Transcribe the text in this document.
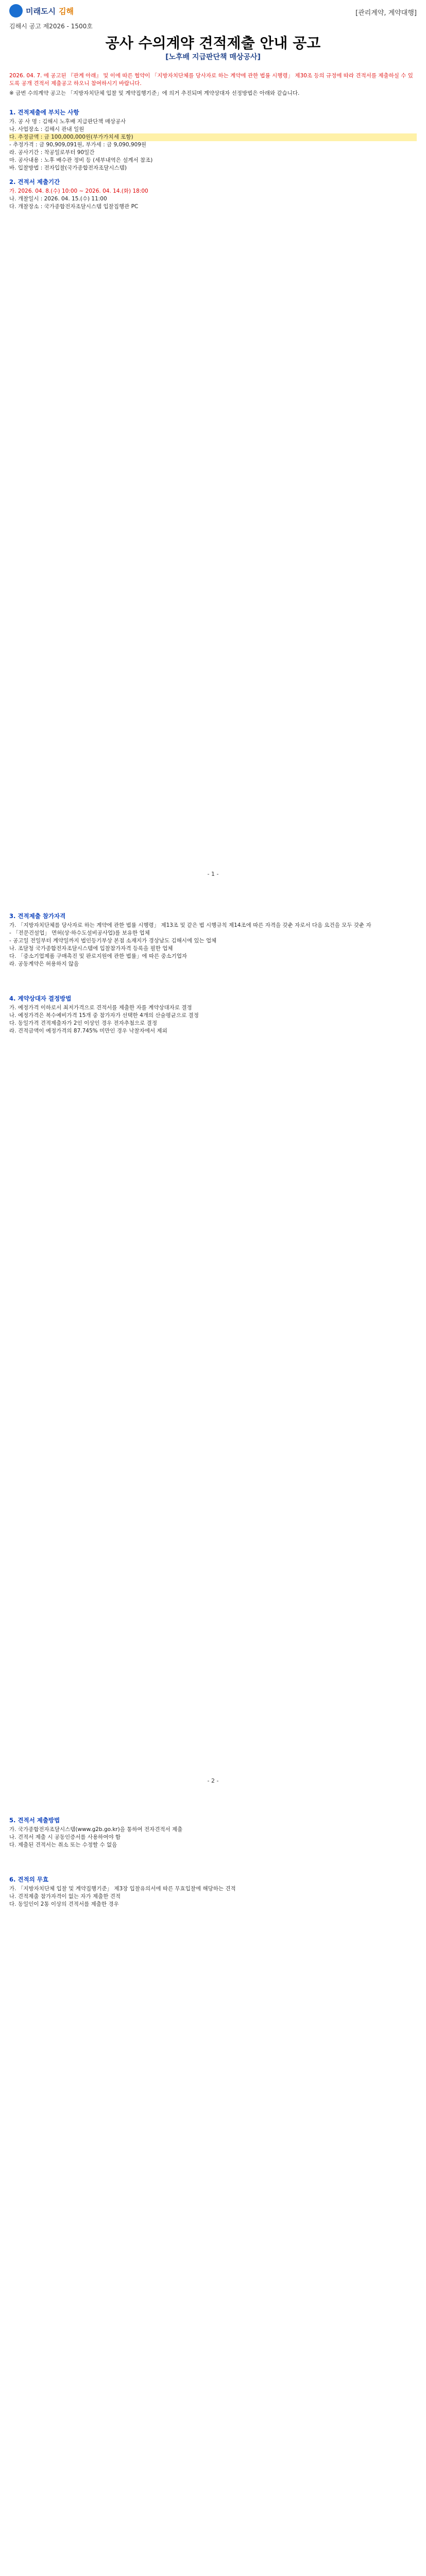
미래도시 김해	[관리계약, 계약대행]
김해시 공고 제2026 - 1500호
공사 수의계약 견적제출 안내 공고
[노후배 지급판단책 매상공사]

2026. 04. 7. 에 공고된 『관계 아래』 및 이에 따른 협약이 「지방자치단체를 당사자로 하는 계약에 관한 법률 시행령」 제30조 등의 규정에 따라 견적서를 제출하실 수 있도록 공개 견적서 제출공고 하오니 참여하시기 바랍니다.

※ 금번 수의계약 공고는 「지방자치단체 입찰 및 계약집행기준」에 의거 추진되며 계약상대자 선정방법은 아래와 같습니다.

1. 견적제출에 부치는 사항

가. 공 사 명 : 김해시 노후배 지급판단책 매상공사

나. 사업장소 : 김해시 관내 일원

다. 추정금액 : 금 100,000,000원(부가가치세 포함)

- 추정가격 : 금 90,909,091원, 부가세 : 금 9,090,909원

라. 공사기간 : 착공일로부터 90일간

마. 공사내용 : 노후 배수관 정비 등 (세부내역은 설계서 참조)

바. 입찰방법 : 전자입찰(국가종합전자조달시스템)

2. 견적서 제출기간

가. 2026. 04. 8.(수) 10:00 ~ 2026. 04. 14.(화) 18:00

나. 개찰일시 : 2026. 04. 15.(수) 11:00

다. 개찰장소 : 국가종합전자조달시스템 입찰집행관 PC

- 1 -
3. 견적제출 참가자격

가. 「지방자치단체를 당사자로 하는 계약에 관한 법률 시행령」 제13조 및 같은 법 시행규칙 제14조에 따른 자격을 갖춘 자로서 다음 요건을 모두 갖춘 자

- 「전문건설업」 면허(상·하수도설비공사업)를 보유한 업체

- 공고일 전일부터 계약일까지 법인등기부상 본점 소재지가 경상남도 김해시에 있는 업체

나. 조달청 국가종합전자조달시스템에 입찰참가자격 등록을 필한 업체

다. 「중소기업제품 구매촉진 및 판로지원에 관한 법률」에 따른 중소기업자

라. 공동계약은 허용하지 않음

4. 계약상대자 결정방법

가. 예정가격 이하로서 최저가격으로 견적서를 제출한 자를 계약상대자로 결정

나. 예정가격은 복수예비가격 15개 중 참가자가 선택한 4개의 산술평균으로 결정

다. 동일가격 견적제출자가 2인 이상인 경우 전자추첨으로 결정

라. 견적금액이 예정가격의 87.745% 미만인 경우 낙찰자에서 제외

- 2 -
5. 견적서 제출방법

가. 국가종합전자조달시스템(www.g2b.go.kr)을 통하여 전자견적서 제출

나. 견적서 제출 시 공동인증서를 사용하여야 함

다. 제출된 견적서는 취소 또는 수정할 수 없음

6. 견적의 무효

가. 「지방자치단체 입찰 및 계약집행기준」 제3장 입찰유의서에 따른 무효입찰에 해당하는 견적

나. 견적제출 참가자격이 없는 자가 제출한 견적

다. 동일인이 2통 이상의 견적서를 제출한 경우
